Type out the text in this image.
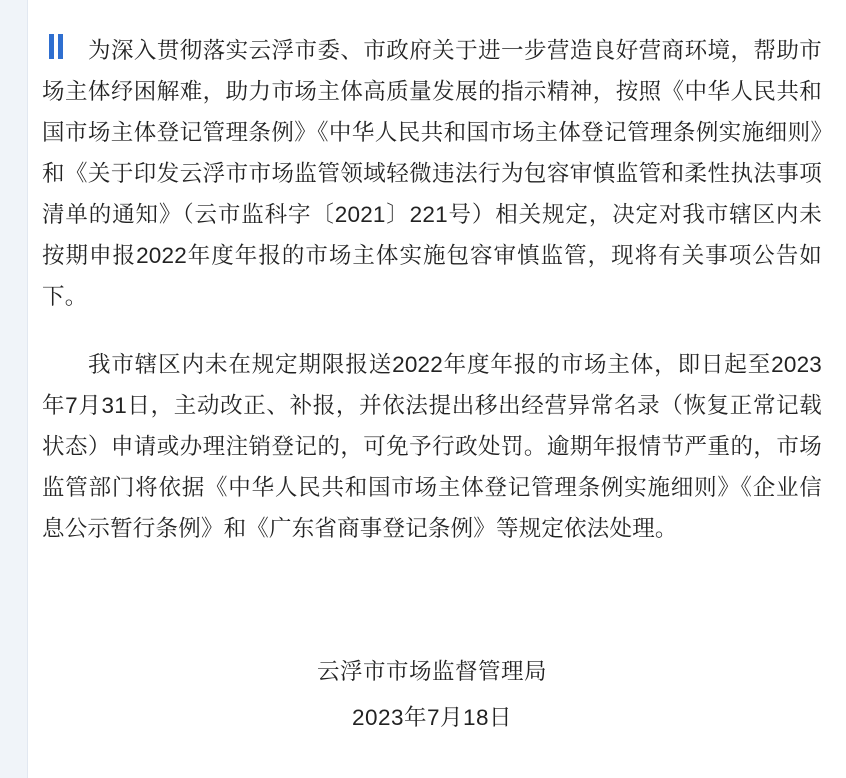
为深入贯彻落实云浮市委、市政府关于进一步营造良好营商环境，帮助市场主体纾困解难，助力市场主体高质量发展的指示精神，按照《中华人民共和国市场主体登记管理条例》《中华人民共和国市场主体登记管理条例实施细则》和《关于印发云浮市市场监管领域轻微违法行为包容审慎监管和柔性执法事项清单的通知》（云市监科字〔2021〕221号）相关规定，决定对我市辖区内未按期申报2022年度年报的市场主体实施包容审慎监管，现将有关事项公告如下。

我市辖区内未在规定期限报送2022年度年报的市场主体，即日起至2023年7月31日，主动改正、补报，并依法提出移出经营异常名录（恢复正常记载状态）申请或办理注销登记的，可免予行政处罚。逾期年报情节严重的，市场监管部门将依据《中华人民共和国市场主体登记管理条例实施细则》《企业信息公示暂行条例》和《广东省商事登记条例》等规定依法处理。

云浮市市场监督管理局
2023年7月18日
